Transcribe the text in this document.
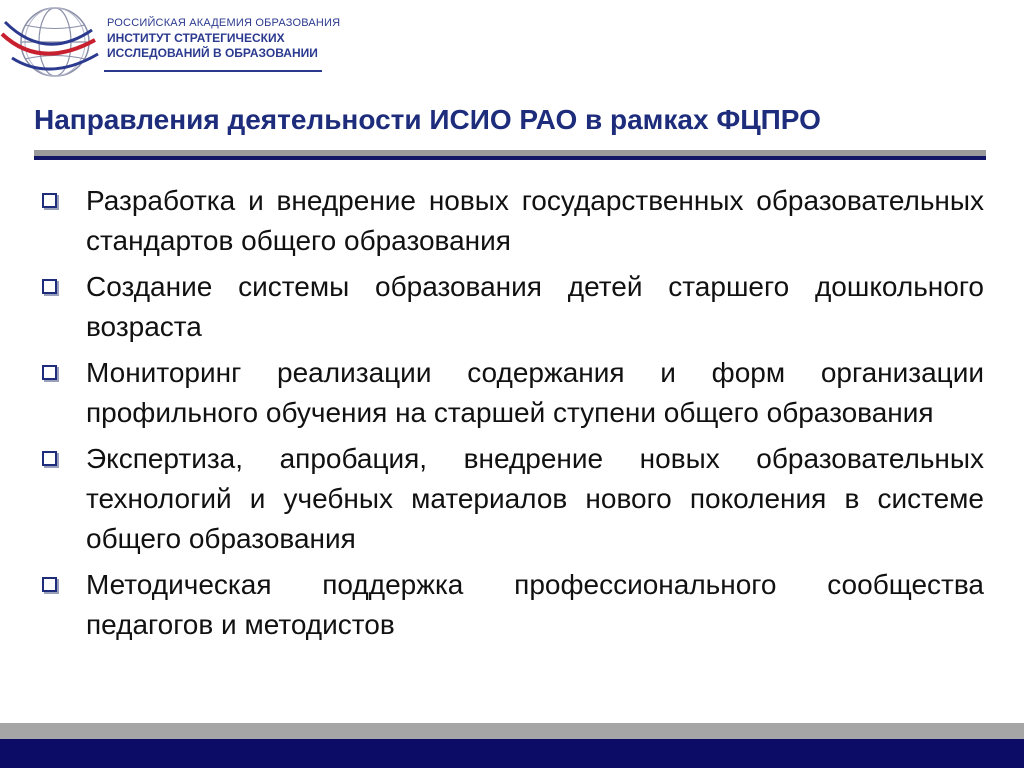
РОССИЙСКАЯ АКАДЕМИЯ ОБРАЗОВАНИЯ
ИНСТИТУТ СТРАТЕГИЧЕСКИХ
ИССЛЕДОВАНИЙ В ОБРАЗОВАНИИ
Направления деятельности ИСИО РАО в рамках ФЦПРО
Разработка и внедрение новых государственных образовательных стандартов общего образования
Создание системы образования детей старшего дошкольного возраста
Мониторинг реализации содержания и форм организации профильного обучения на старшей ступени общего образования
Экспертиза, апробация, внедрение новых образовательных технологий и учебных материалов нового поколения в системе общего образования
Методическая поддержка профессионального сообщества педагогов и методистов
